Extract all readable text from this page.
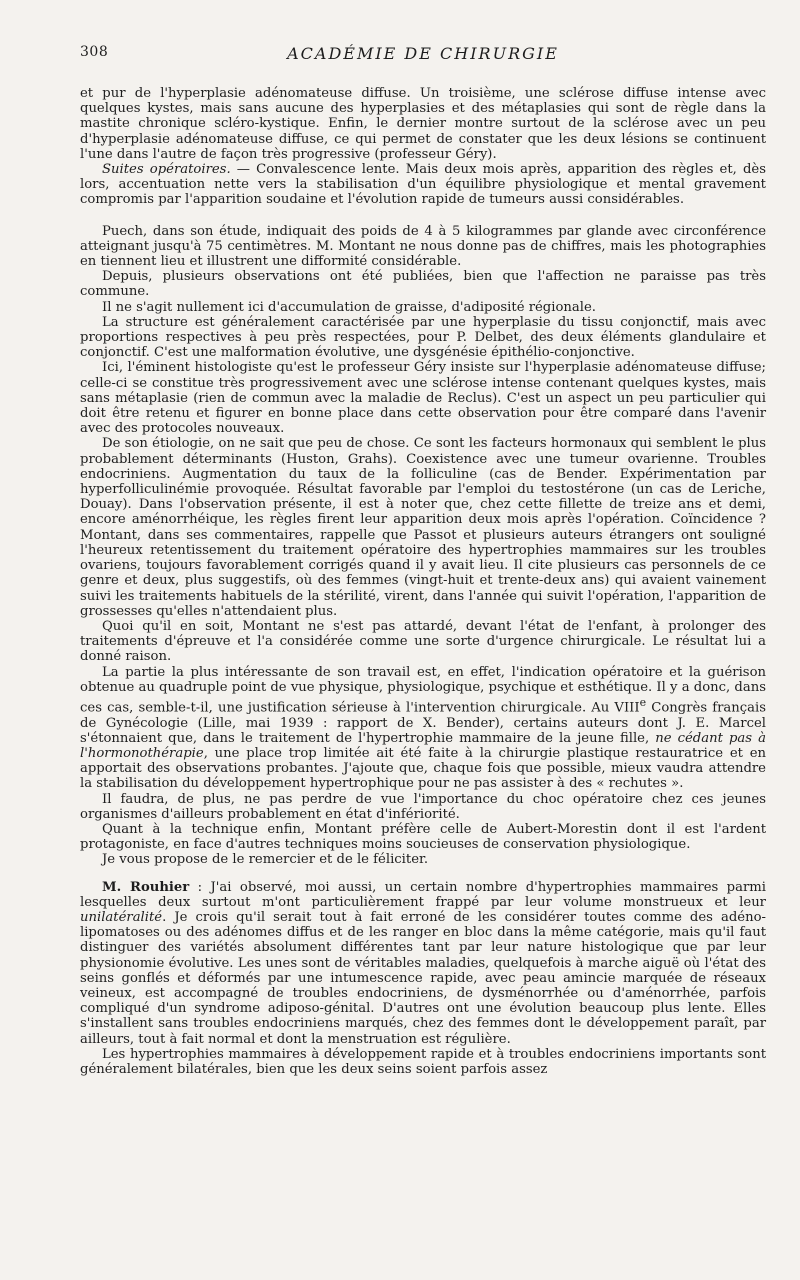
308	ACADÉMIE DE CHIRURGIE

et pur de l'hyperplasie adénomateuse diffuse. Un troisième, une sclérose diffuse intense avec quelques kystes, mais sans aucune des hyperplasies et des métaplasies qui sont de règle dans la mastite chronique scléro-kystique. Enfin, le dernier montre surtout de la sclérose avec un peu d'hyperplasie adénomateuse diffuse, ce qui permet de constater que les deux lésions se continuent l'une dans l'autre de façon très progressive (professeur Géry).

Suites opératoires. — Convalescence lente. Mais deux mois après, apparition des règles et, dès lors, accentuation nette vers la stabilisation d'un équilibre physiologique et mental gravement compromis par l'apparition soudaine et l'évolution rapide de tumeurs aussi considérables.

Puech, dans son étude, indiquait des poids de 4 à 5 kilogrammes par glande avec circonférence atteignant jusqu'à 75 centimètres. M. Montant ne nous donne pas de chiffres, mais les photographies en tiennent lieu et illustrent une difformité considérable.

Depuis, plusieurs observations ont été publiées, bien que l'affection ne paraisse pas très commune.

Il ne s'agit nullement ici d'accumulation de graisse, d'adiposité régionale.

La structure est généralement caractérisée par une hyperplasie du tissu conjonctif, mais avec proportions respectives à peu près respectées, pour P. Delbet, des deux éléments glandulaire et conjonctif. C'est une malformation évolutive, une dysgénésie épithélio-conjonctive.

Ici, l'éminent histologiste qu'est le professeur Géry insiste sur l'hyperplasie adénomateuse diffuse; celle-ci se constitue très progressivement avec une sclérose intense contenant quelques kystes, mais sans métaplasie (rien de commun avec la maladie de Reclus). C'est un aspect un peu particulier qui doit être retenu et figurer en bonne place dans cette observation pour être comparé dans l'avenir avec des protocoles nouveaux.

De son étiologie, on ne sait que peu de chose. Ce sont les facteurs hormonaux qui semblent le plus probablement déterminants (Huston, Grahs). Coexistence avec une tumeur ovarienne. Troubles endocriniens. Augmentation du taux de la folliculine (cas de Bender. Expérimentation par hyperfolliculinémie provoquée. Résultat favorable par l'emploi du testostérone (un cas de Leriche, Douay). Dans l'observation présente, il est à noter que, chez cette fillette de treize ans et demi, encore aménorrhéique, les règles firent leur apparition deux mois après l'opération. Coïncidence ? Montant, dans ses commentaires, rappelle que Passot et plusieurs auteurs étrangers ont souligné l'heureux retentissement du traitement opératoire des hypertrophies mammaires sur les troubles ovariens, toujours favorablement corrigés quand il y avait lieu. Il cite plusieurs cas personnels de ce genre et deux, plus suggestifs, où des femmes (vingt-huit et trente-deux ans) qui avaient vainement suivi les traitements habituels de la stérilité, virent, dans l'année qui suivit l'opération, l'apparition de grossesses qu'elles n'attendaient plus.

Quoi qu'il en soit, Montant ne s'est pas attardé, devant l'état de l'enfant, à prolonger des traitements d'épreuve et l'a considérée comme une sorte d'urgence chirurgicale. Le résultat lui a donné raison.

La partie la plus intéressante de son travail est, en effet, l'indication opératoire et la guérison obtenue au quadruple point de vue physique, physiologique, psychique et esthétique. Il y a donc, dans ces cas, semble-t-il, une justification sérieuse à l'intervention chirurgicale. Au VIIIe Congrès français de Gynécologie (Lille, mai 1939 : rapport de X. Bender), certains auteurs dont J. E. Marcel s'étonnaient que, dans le traitement de l'hypertrophie mammaire de la jeune fille, ne cédant pas à l'hormonothérapie, une place trop limitée ait été faite à la chirurgie plastique restauratrice et en apportait des observations probantes. J'ajoute que, chaque fois que possible, mieux vaudra attendre la stabilisation du développement hypertrophique pour ne pas assister à des « rechutes ».

Il faudra, de plus, ne pas perdre de vue l'importance du choc opératoire chez ces jeunes organismes d'ailleurs probablement en état d'infériorité.

Quant à la technique enfin, Montant préfère celle de Aubert-Morestin dont il est l'ardent protagoniste, en face d'autres techniques moins soucieuses de conservation physiologique.

Je vous propose de le remercier et de le féliciter.

M. Rouhier : J'ai observé, moi aussi, un certain nombre d'hypertrophies mammaires parmi lesquelles deux surtout m'ont particulièrement frappé par leur volume monstrueux et leur unilatéralité. Je crois qu'il serait tout à fait erroné de les considérer toutes comme des adéno-lipomatoses ou des adénomes diffus et de les ranger en bloc dans la même catégorie, mais qu'il faut distinguer des variétés absolument différentes tant par leur nature histologique que par leur physionomie évolutive. Les unes sont de véritables maladies, quelquefois à marche aiguë où l'état des seins gonflés et déformés par une intumescence rapide, avec peau amincie marquée de réseaux veineux, est accompagné de troubles endocriniens, de dysménorrhée ou d'aménorrhée, parfois compliqué d'un syndrome adiposo-génital. D'autres ont une évolution beaucoup plus lente. Elles s'installent sans troubles endocriniens marqués, chez des femmes dont le développement paraît, par ailleurs, tout à fait normal et dont la menstruation est régulière.

Les hypertrophies mammaires à développement rapide et à troubles endocriniens importants sont généralement bilatérales, bien que les deux seins soient parfois assez
